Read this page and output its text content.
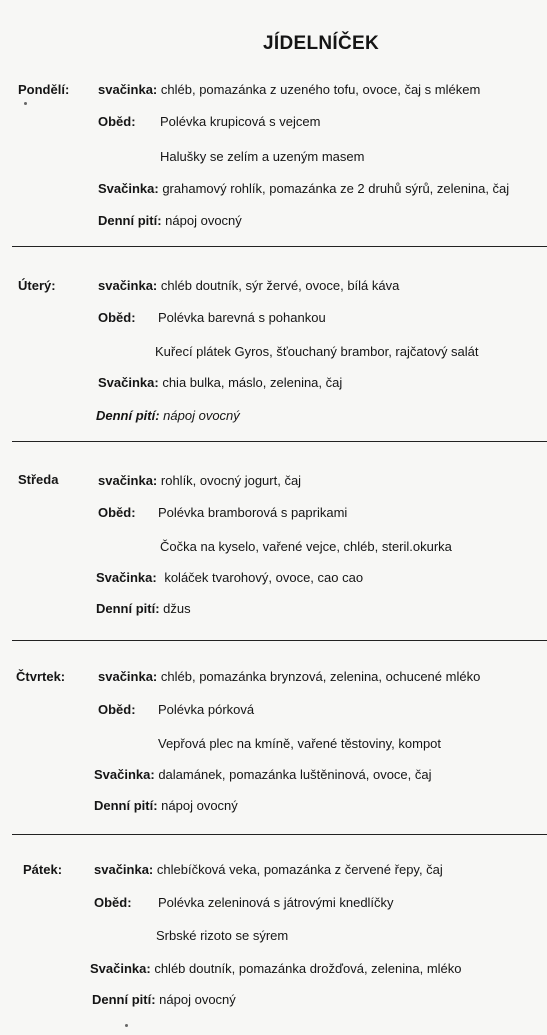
JÍDELNÍČEK
Pondělí: svačinka: chléb, pomazánka z uzeného tofu, ovoce, čaj s mlékem
Oběd: Polévka krupicová s vejcem
Halušky se zelím a uzeným masem
Svačinka: grahamový rohlík, pomazánka ze 2 druhů sýrů, zelenina, čaj
Denní pití: nápoj ovocný
Úterý:	svačinka: chléb doutník, sýr žervé, ovoce, bílá káva
Oběd: Polévka barevná s pohankou
Kuřecí plátek Gyros, šťouchaný brambor, rajčatový salát
Svačinka: chia bulka, máslo, zelenina, čaj
Denní pití: nápoj ovocný
Středa	svačinka: rohlík, ovocný jogurt, čaj
Oběd: Polévka bramborová s paprikami
Čočka na kyselo, vařené vejce, chléb, steril.okurka
Svačinka: koláček tvarohový, ovoce, cao cao
Denní pití: džus
Čtvrtek:	svačinka: chléb, pomazánka brynzová, zelenina, ochucené mléko
Oběd: Polévka pórková
Vepřová plec na kmíně, vařené těstoviny, kompot
Svačinka: dalamánek, pomazánka luštěninová, ovoce, čaj
Denní pití: nápoj ovocný
Pátek: svačinka: chlebíčková veka, pomazánka z červené řepy, čaj
Oběd: Polévka zeleninová s játrovými knedlíčky
Srbské rizoto se sýrem
Svačinka: chléb doutník, pomazánka drožďová, zelenina, mléko
Denní pití: nápoj ovocný
